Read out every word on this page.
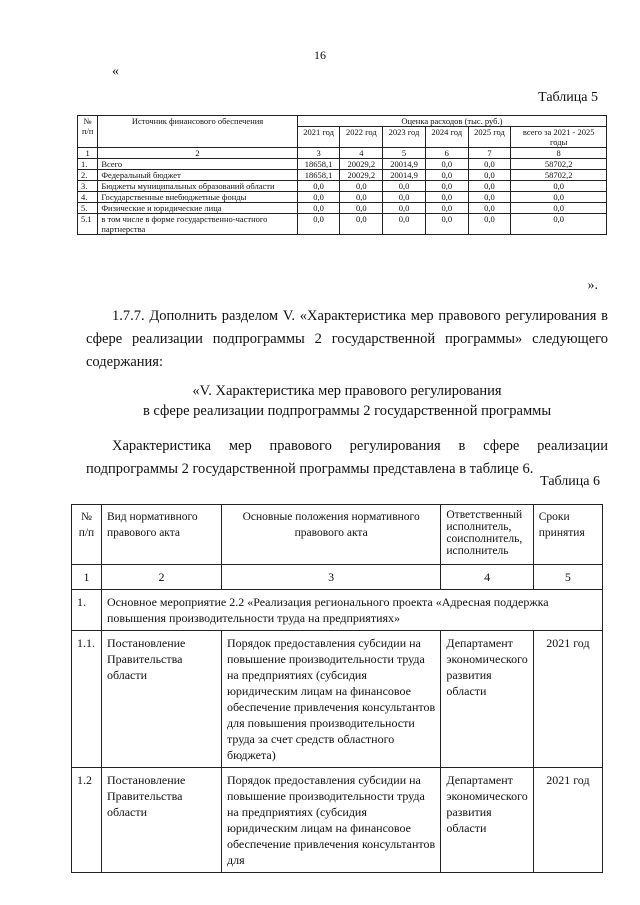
16
«
Таблица 5
№ п/п	Источник финансового обеспечения	Оценка расходов (тыс. руб.)					
		2021 год	2022 год	2023 год	2024 год	2025 год	всего за 2021 - 2025 годы
1	2	3	4	5	6	7	8
1.	Всего	18658,1	20029,2	20014,9	0,0	0,0	58702,2
2.	Федеральный бюджет	18658,1	20029,2	20014,9	0,0	0,0	58702,2
3.	Бюджеты муниципальных образований области	0,0	0,0	0,0	0,0	0,0	0,0
4.	Государственные внебюджетные фонды	0,0	0,0	0,0	0,0	0,0	0,0
5.	Физические и юридические лица	0,0	0,0	0,0	0,0	0,0	0,0
5.1	в том числе в форме государственно-частного партнерства	0,0	0,0	0,0	0,0	0,0	0,0
».
1.7.7. Дополнить разделом V. «Характеристика мер правового регулирования в сфере реализации подпрограммы 2 государственной программы» следующего содержания:
«V. Характеристика мер правового регулирования
в сфере реализации подпрограммы 2 государственной программы
Характеристика мер правового регулирования в сфере реализации подпрограммы 2 государственной программы представлена в таблице 6.
Таблица 6
№ п/п	Вид нормативного правового акта	Основные положения нормативного правового акта	Ответственный исполнитель, соисполнитель, исполнитель	Сроки принятия
1	2	3	4	5
1.	Основное мероприятие 2.2 «Реализация регионального проекта «Адресная поддержка повышения производительности труда на предприятиях»			
1.1.	Постановление Правительства области	Порядок предоставления субсидии на повышение производительности труда на предприятиях (субсидия юридическим лицам на финансовое обеспечение привлечения консультантов для повышения производительности труда за счет средств областного бюджета)	Департамент экономического развития области	2021 год
1.2	Постановление Правительства области	Порядок предоставления субсидии на повышение производительности труда на предприятиях (субсидия юридическим лицам на финансовое обеспечение привлечения консультантов для	Департамент экономического развития области	2021 год
